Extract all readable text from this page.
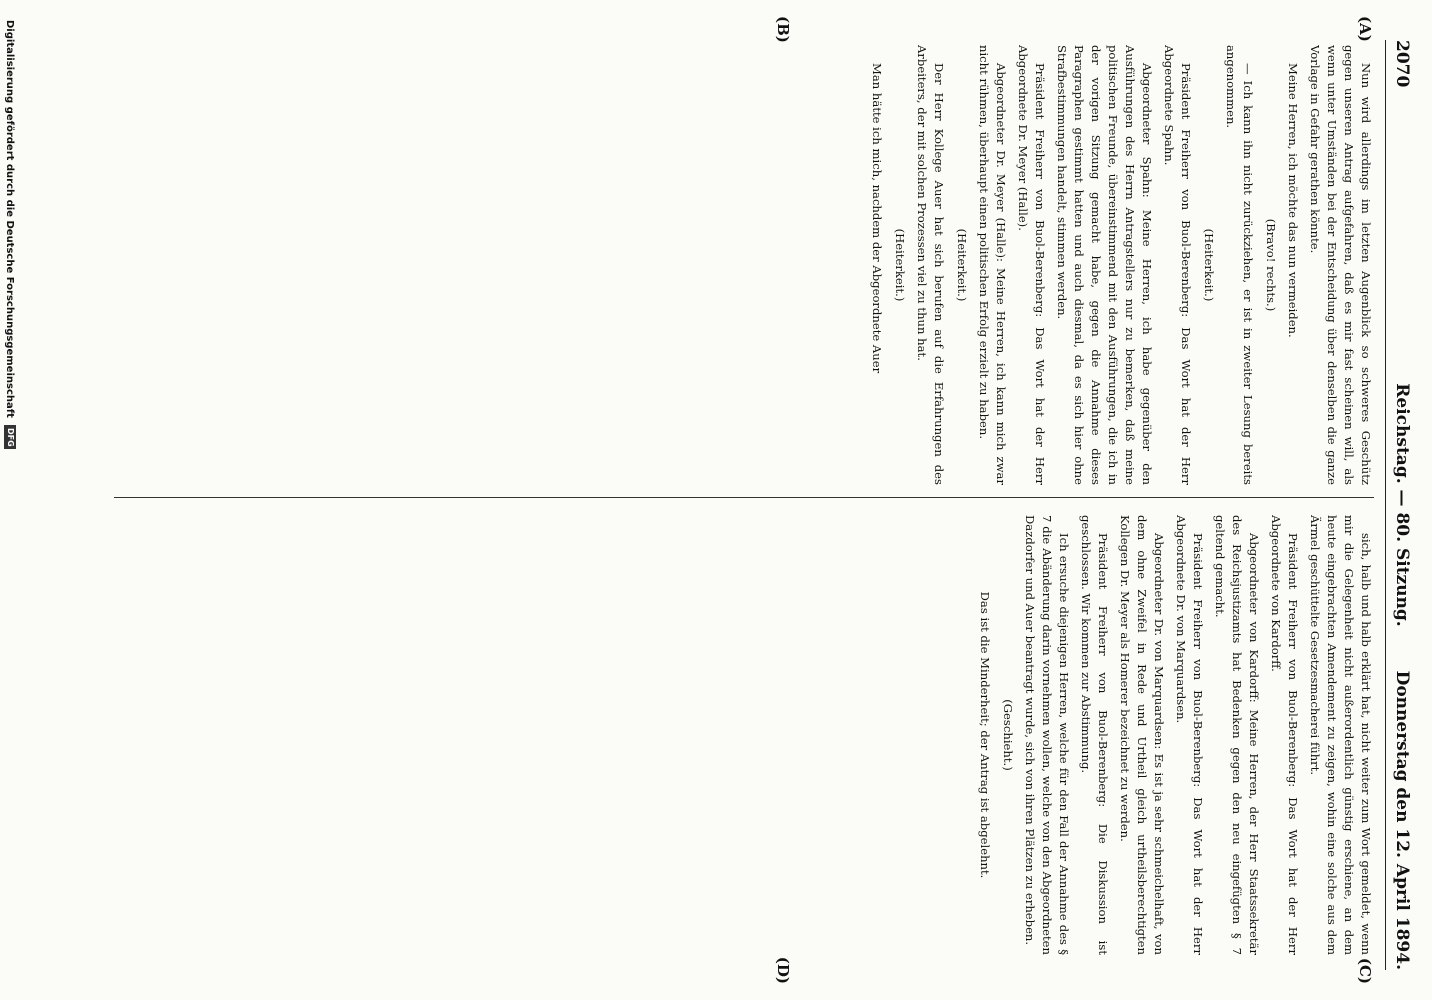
2070
Reichstag. — 80. Sitzung.
Donnerstag den 12. April 1894.
(A)
(B)
(C)
(D)

Nun wird allerdings im letzten Augenblick so schweres Geschütz gegen unseren Antrag aufgefahren, daß es mir fast scheinen will, als wenn unter Umständen bei der Entscheidung über denselben die ganze Vorlage in Gefahr gerathen könnte.

Meine Herren, ich möchte das nun vermeiden.

(Bravo! rechts.)

— Ich kann ihn nicht zurückziehen, er ist in zweiter Lesung bereits angenommen.

(Heiterkeit.)

Präsident Freiherr von Buol-Berenberg: Das Wort hat der Herr Abgeordnete Spahn.

Abgeordneter Spahn: Meine Herren, ich habe gegenüber den Ausführungen des Herrn Antragstellers nur zu bemerken, daß meine politischen Freunde, übereinstimmend mit den Ausführungen, die ich in der vorigen Sitzung gemacht habe, gegen die Annahme dieses Paragraphen gestimmt hatten und auch diesmal, da es sich hier ohne Strafbestimmungen handelt, stimmen werden.

Präsident Freiherr von Buol-Berenberg: Das Wort hat der Herr Abgeordnete Dr. Meyer (Halle).

Abgeordneter Dr. Meyer (Halle): Meine Herren, ich kann mich zwar nicht rühmen, überhaupt einen politischen Erfolg erzielt zu haben.

(Heiterkeit.)

Der Herr Kollege Auer hat sich berufen auf die Erfahrungen des Arbeiters, der mit solchen Prozessen viel zu thun hat.

(Heiterkeit.)

Man hätte ich mich, nachdem der Abgeordnete Auer

sich, halb und halb erklärt hat, nicht weiter zum Wort gemeldet, wenn mir die Gelegenheit nicht außerordentlich günstig erschiene, an dem heute eingebrachten Amendement zu zeigen, wohin eine solche aus dem Ärmel geschüttelte Gesetzesmacherei führt.

Präsident Freiherr von Buol-Berenberg: Das Wort hat der Herr Abgeordnete von Kardorff.

Abgeordneter von Kardorff: Meine Herren, der Herr Staatssekretär des Reichsjustizamts hat Bedenken gegen den neu eingefügten § 7 geltend gemacht.

Präsident Freiherr von Buol-Berenberg: Das Wort hat der Herr Abgeordnete Dr. von Marquardsen.

Abgeordneter Dr. von Marquardsen: Es ist ja sehr schmeichelhaft, von dem ohne Zweifel in Rede und Urtheil gleich urtheilsberechtigten Kollegen Dr. Meyer als Homerer bezeichnet zu werden.

Präsident Freiherr von Buol-Berenberg: Die Diskussion ist geschlossen. Wir kommen zur Abstimmung.

Ich ersuche diejenigen Herren, welche für den Fall der Annahme des § 7 die Abänderung darin vornehmen wollen, welche von den Abgeordneten Dazdorfer und Auer beantragt wurde, sich von ihren Plätzen zu erheben.

(Geschieht.)

Das ist die Minderheit; der Antrag ist abgelehnt.

Digitalisierung gefördert durch die Deutsche Forschungsgemeinschaft DFG
